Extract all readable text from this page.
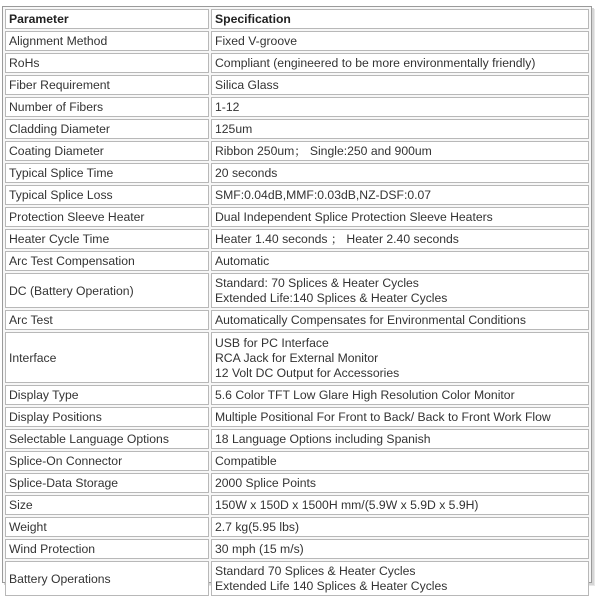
Parameter	Specification
Alignment Method	Fixed V-groove

RoHs	Compliant (engineered to be more environmentally friendly)

Fiber Requirement	Silica Glass

Number of Fibers	1-12

Cladding Diameter	125um

Coating Diameter	Ribbon 250um； Single:250 and 900um

Typical Splice Time	20 seconds

Typical Splice Loss	SMF:0.04dB,MMF:0.03dB,NZ-DSF:0.07

Protection Sleeve Heater	Dual Independent Splice Protection Sleeve Heaters

Heater Cycle Time	Heater 1.40 seconds ； Heater 2.40 seconds

Arc Test Compensation	Automatic

DC (Battery Operation)	Standard: 70 Splices & Heater Cycles
Extended Life:140 Splices & Heater Cycles

Arc Test	Automatically Compensates for Environmental Conditions

Interface	USB for PC Interface
RCA Jack for External Monitor
12 Volt DC Output for Accessories

Display Type	5.6 Color TFT Low Glare High Resolution Color Monitor

Display Positions	Multiple Positional For Front to Back/ Back to Front Work Flow

Selectable Language Options	18 Language Options including Spanish

Splice-On Connector	Compatible

Splice-Data Storage	2000 Splice Points

Size	150W x 150D x 1500H mm/(5.9W x 5.9D x 5.9H)

Weight	2.7 kg(5.95 lbs)

Wind Protection	30 mph (15 m/s)

Battery Operations	Standard 70 Splices & Heater Cycles
Extended Life 140 Splices & Heater Cycles
